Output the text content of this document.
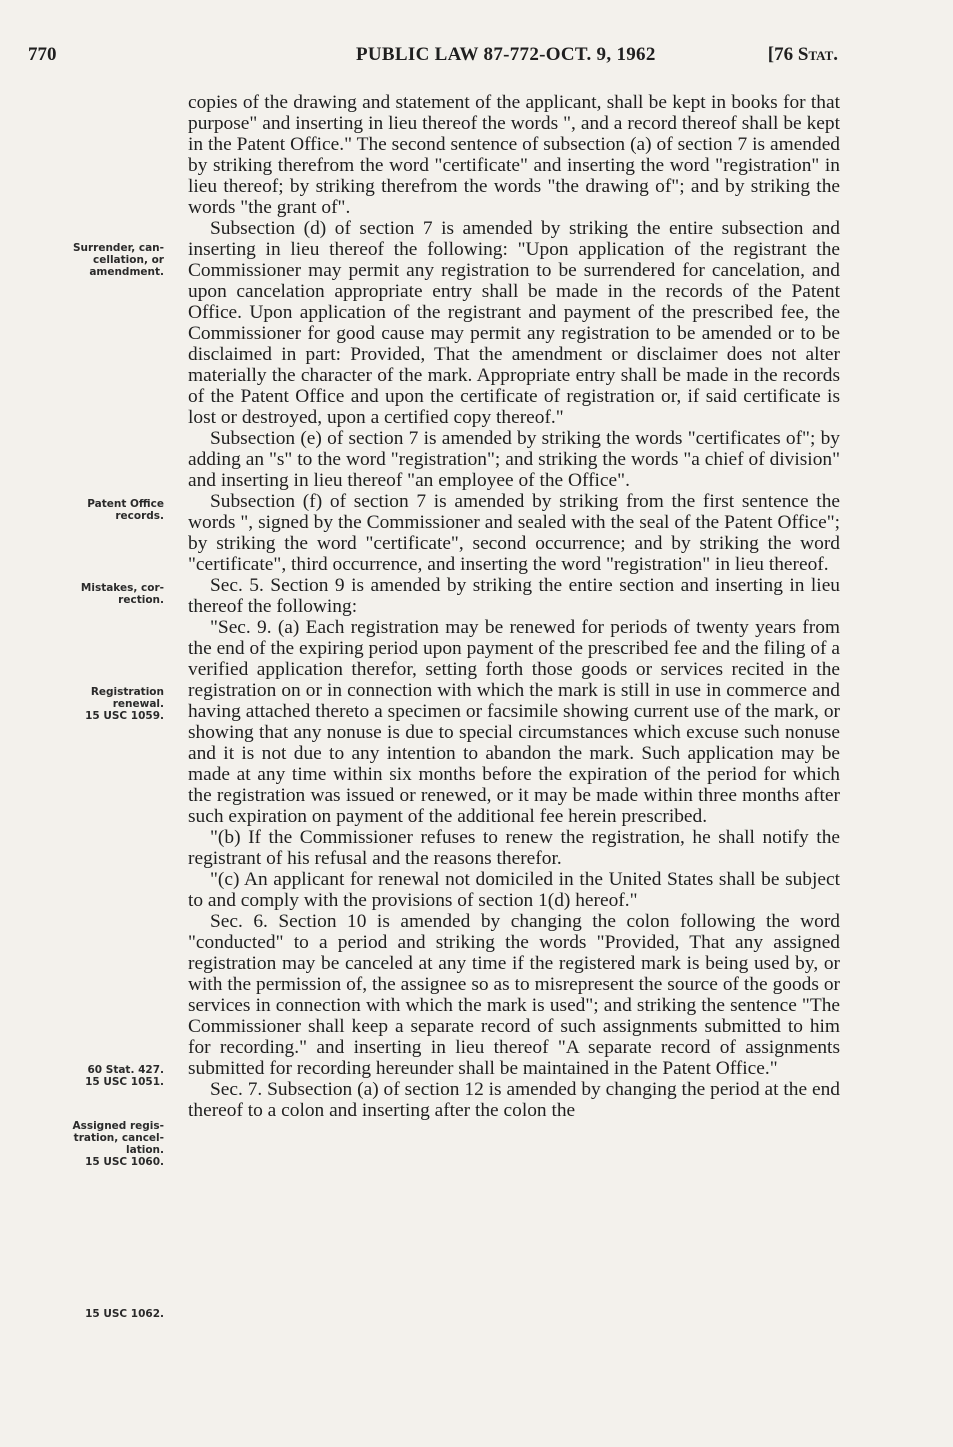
770	PUBLIC LAW 87-772-OCT. 9, 1962	[76 Stat.
Surrender, can-
cellation, or
amendment.
Patent Office
records.
Mistakes, cor-
rection.
Registration
renewal.
15 USC 1059.
60 Stat. 427.
15 USC 1051.
Assigned regis-
tration, cancel-
lation.
15 USC 1060.
15 USC 1062.

copies of the drawing and statement of the applicant, shall be kept in books for that purpose" and inserting in lieu thereof the words ", and a record thereof shall be kept in the Patent Office." The second sentence of subsection (a) of section 7 is amended by striking therefrom the word "certificate" and inserting the word "registration" in lieu thereof; by striking therefrom the words "the drawing of"; and by striking the words "the grant of".

Subsection (d) of section 7 is amended by striking the entire subsection and inserting in lieu thereof the following: "Upon application of the registrant the Commissioner may permit any registration to be surrendered for cancelation, and upon cancelation appropriate entry shall be made in the records of the Patent Office. Upon application of the registrant and payment of the prescribed fee, the Commissioner for good cause may permit any registration to be amended or to be disclaimed in part: Provided, That the amendment or disclaimer does not alter materially the character of the mark. Appropriate entry shall be made in the records of the Patent Office and upon the certificate of registration or, if said certificate is lost or destroyed, upon a certified copy thereof."

Subsection (e) of section 7 is amended by striking the words "certificates of"; by adding an "s" to the word "registration"; and striking the words "a chief of division" and inserting in lieu thereof "an employee of the Office".

Subsection (f) of section 7 is amended by striking from the first sentence the words ", signed by the Commissioner and sealed with the seal of the Patent Office"; by striking the word "certificate", second occurrence; and by striking the word "certificate", third occurrence, and inserting the word "registration" in lieu thereof.

Sec. 5. Section 9 is amended by striking the entire section and inserting in lieu thereof the following:

"Sec. 9. (a) Each registration may be renewed for periods of twenty years from the end of the expiring period upon payment of the prescribed fee and the filing of a verified application therefor, setting forth those goods or services recited in the registration on or in connection with which the mark is still in use in commerce and having attached thereto a specimen or facsimile showing current use of the mark, or showing that any nonuse is due to special circumstances which excuse such nonuse and it is not due to any intention to abandon the mark. Such application may be made at any time within six months before the expiration of the period for which the registration was issued or renewed, or it may be made within three months after such expiration on payment of the additional fee herein prescribed.

"(b) If the Commissioner refuses to renew the registration, he shall notify the registrant of his refusal and the reasons therefor.

"(c) An applicant for renewal not domiciled in the United States shall be subject to and comply with the provisions of section 1(d) hereof."

Sec. 6. Section 10 is amended by changing the colon following the word "conducted" to a period and striking the words "Provided, That any assigned registration may be canceled at any time if the registered mark is being used by, or with the permission of, the assignee so as to misrepresent the source of the goods or services in connection with which the mark is used"; and striking the sentence "The Commissioner shall keep a separate record of such assignments submitted to him for recording." and inserting in lieu thereof "A separate record of assignments submitted for recording hereunder shall be maintained in the Patent Office."

Sec. 7. Subsection (a) of section 12 is amended by changing the period at the end thereof to a colon and inserting after the colon the
